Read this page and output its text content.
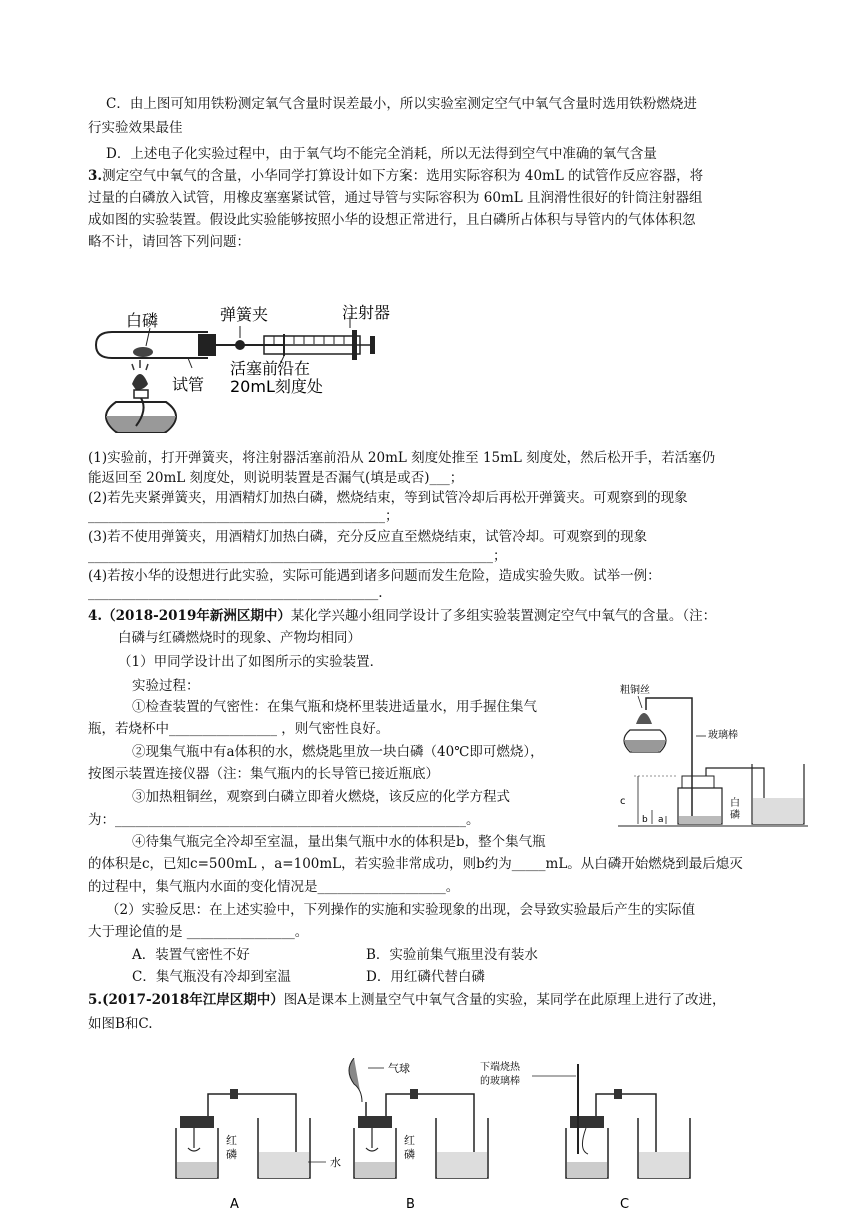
C．由上图可知用铁粉测定氧气含量时误差最小，所以实验室测定空气中氧气含量时选用铁粉燃烧进
行实验效果最佳
D．上述电子化实验过程中，由于氧气均不能完全消耗，所以无法得到空气中准确的氧气含量
3.测定空气中氧气的含量，小华同学打算设计如下方案：选用实际容积为 40mL 的试管作反应容器，将
过量的白磷放入试管，用橡皮塞塞紧试管，通过导管与实际容积为 60mL 且润滑性很好的针筒注射器组
成如图的实验装置。假设此实验能够按照小华的设想正常进行，且白磷所占体积与导管内的气体体积忽
略不计，请回答下列问题：
白磷	弹簧夹	注射器
活塞前沿在
20mL刻度处
试管
(1)实验前，打开弹簧夹，将注射器活塞前沿从 20mL 刻度处推至 15mL 刻度处，然后松开手，若活塞仍
能返回至 20mL 刻度处，则说明装置是否漏气(填是或否)___；
(2)若先夹紧弹簧夹，用酒精灯加热白磷，燃烧结束，等到试管冷却后再松开弹簧夹。可观察到的现象
____________________________________________；
(3)若不使用弹簧夹，用酒精灯加热白磷，充分反应直至燃烧结束，试管冷却。可观察到的现象
____________________________________________________________；
(4)若按小华的设想进行此实验，实际可能遇到诸多问题而发生危险，造成实验失败。试举一例：
___________________________________________.
4.（2018-2019年新洲区期中）某化学兴趣小组同学设计了多组实验装置测定空气中氧气的含量。（注：
白磷与红磷燃烧时的现象、产物均相同）
（1）甲同学设计出了如图所示的实验装置．
实验过程：
①检查装置的气密性：在集气瓶和烧杯里装进适量水，用手握住集气
瓶，若烧杯中________________ ，则气密性良好。
②现集气瓶中有a体积的水，燃烧匙里放一块白磷（40℃即可燃烧），
按图示装置连接仪器（注：集气瓶内的长导管已接近瓶底）
③加热粗铜丝，观察到白磷立即着火燃烧，该反应的化学方程式
为：____________________________________________________。
④待集气瓶完全冷却至室温，量出集气瓶中水的体积是b，整个集气瓶
的体积是c，已知c=500mL ，a=100mL，若实验非常成功，则b约为_____mL。从白磷开始燃烧到最后熄灭
的过程中，集气瓶内水面的变化情况是___________________。
（2）实验反思：在上述实验中，下列操作的实施和实验现象的出现，会导致实验最后产生的实际值
大于理论值的是 ________________。
A．装置气密性不好	B．实验前集气瓶里没有装水
C．集气瓶没有冷却到室温	D．用红磷代替白磷
粗铜丝
玻璃棒
白
磷
c
b a
5.(2017-2018年江岸区期中）图A是课本上测量空气中氧气含量的实验，某同学在此原理上进行了改进，
如图B和C.
红
磷
水
A
气球
红
磷
B
下端烧热
的玻璃棒
C
